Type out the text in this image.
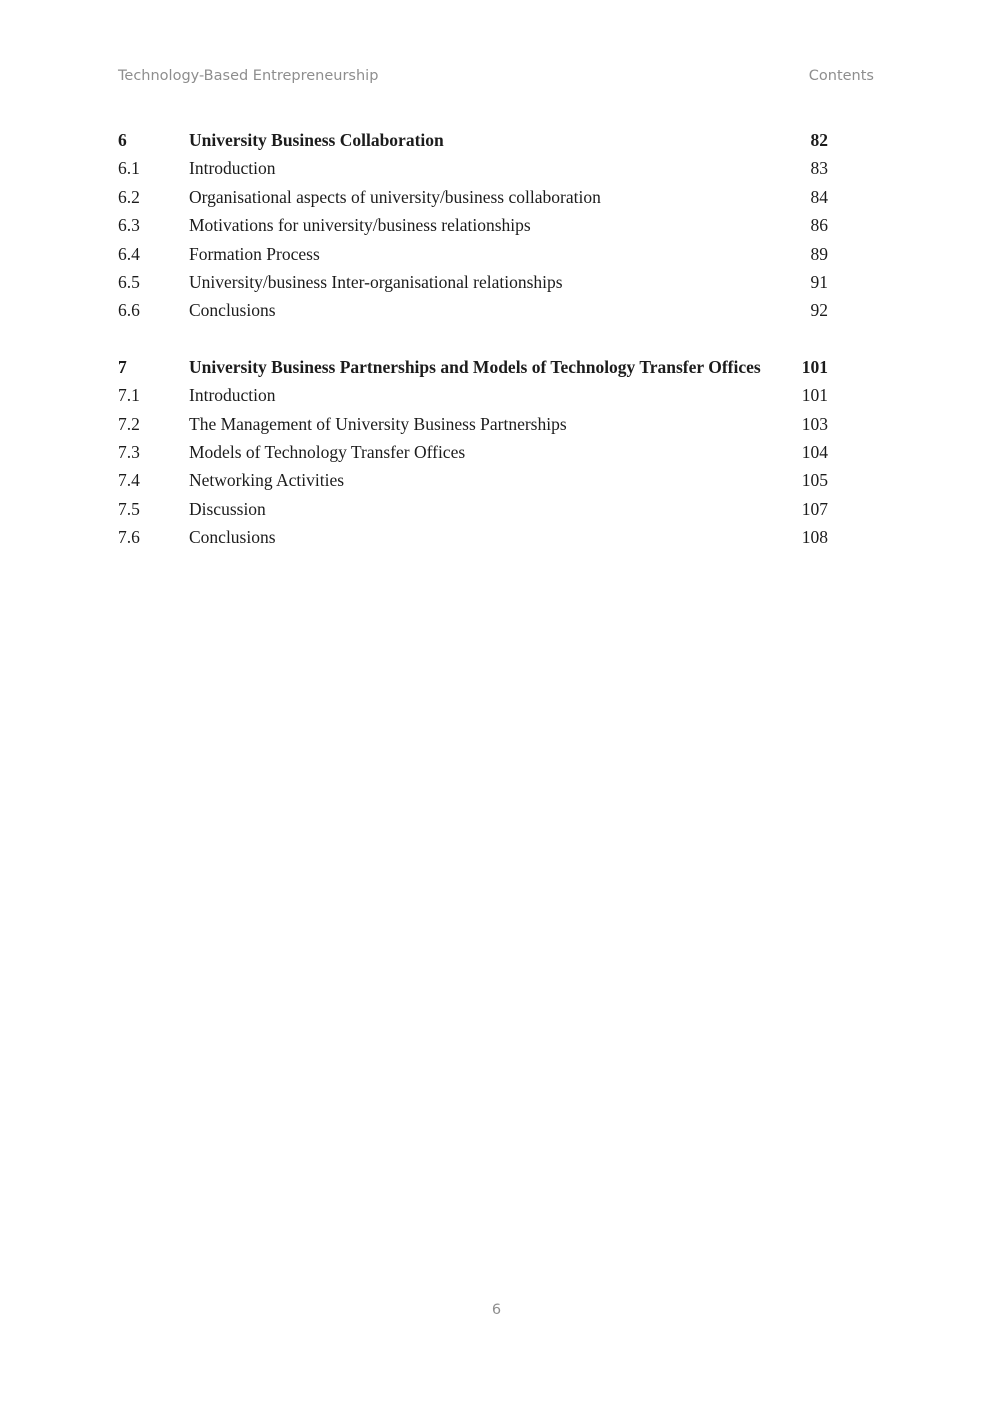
Technology-Based Entrepreneurship	Contents
6	University Business Collaboration	82
6.1	Introduction	83
6.2	Organisational aspects of university/business collaboration	84
6.3	Motivations for university/business relationships	86
6.4	Formation Process	89
6.5	University/business Inter-organisational relationships	91
6.6	Conclusions	92
7	University Business Partnerships and Models of Technology Transfer Offices 101
7.1	Introduction	101
7.2	The Management of University Business Partnerships	103
7.3	Models of Technology Transfer Offices	104
7.4	Networking Activities	105
7.5	Discussion	107
7.6	Conclusions	108
6
